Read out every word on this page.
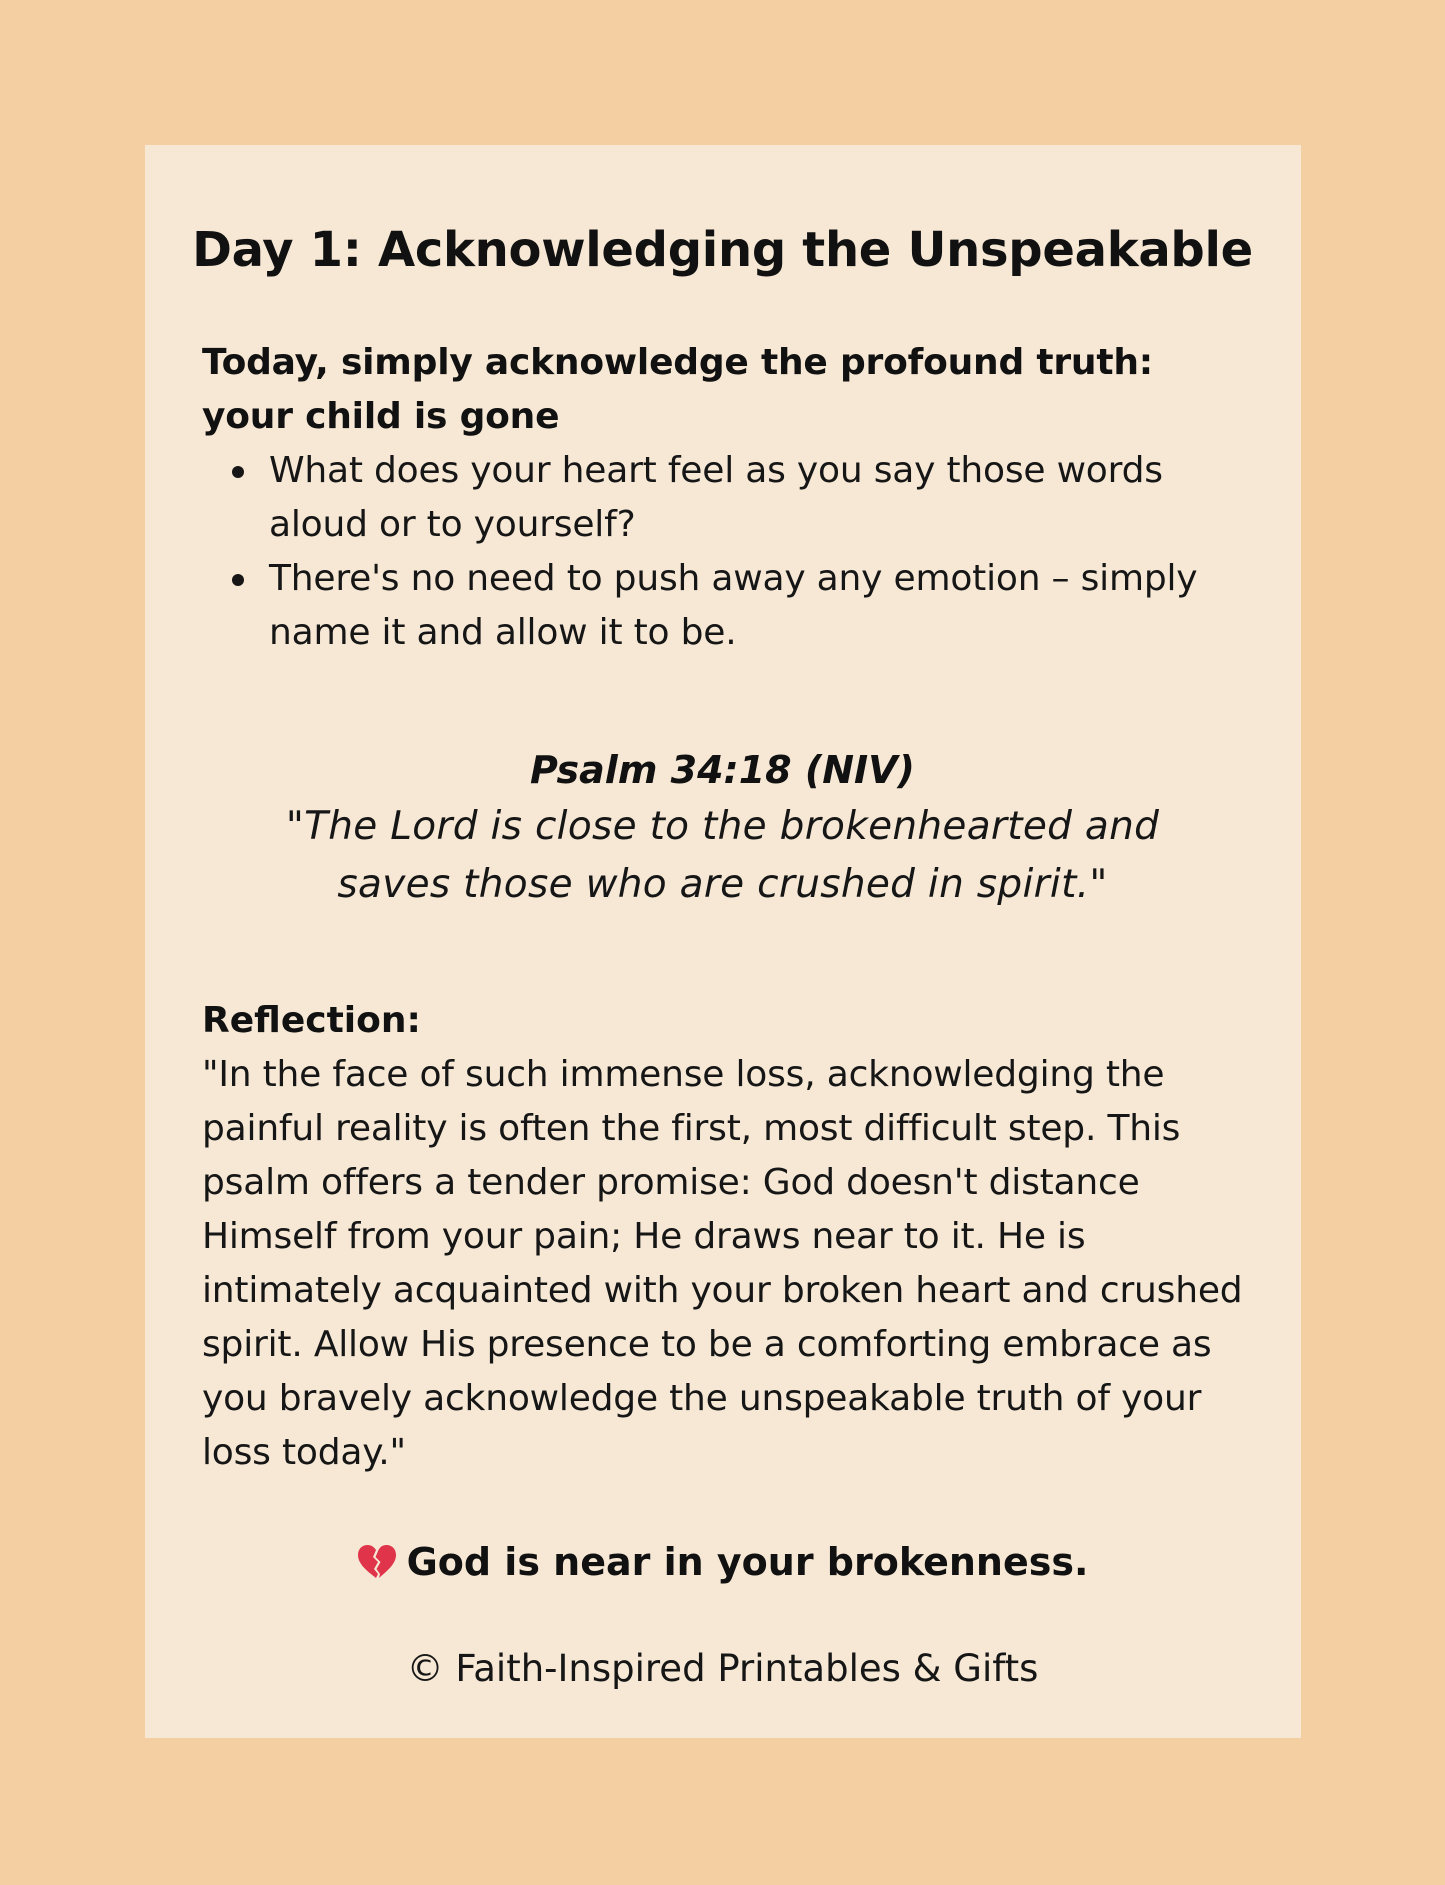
Day 1: Acknowledging the Unspeakable

Today, simply acknowledge the profound truth: your child is gone

What does your heart feel as you say those words aloud or to yourself?
There's no need to push away any emotion – simply name it and allow it to be.
Psalm 34:18 (NIV)
"The Lord is close to the brokenhearted and saves those who are crushed in spirit."
Reflection:

"In the face of such immense loss, acknowledging the painful reality is often the first, most difficult step. This psalm offers a tender promise: God doesn't distance Himself from your pain; He draws near to it. He is intimately acquainted with your broken heart and crushed spirit. Allow His presence to be a comforting embrace as you bravely acknowledge the unspeakable truth of your loss today."

God is near in your brokenness.
© Faith-Inspired Printables & Gifts
